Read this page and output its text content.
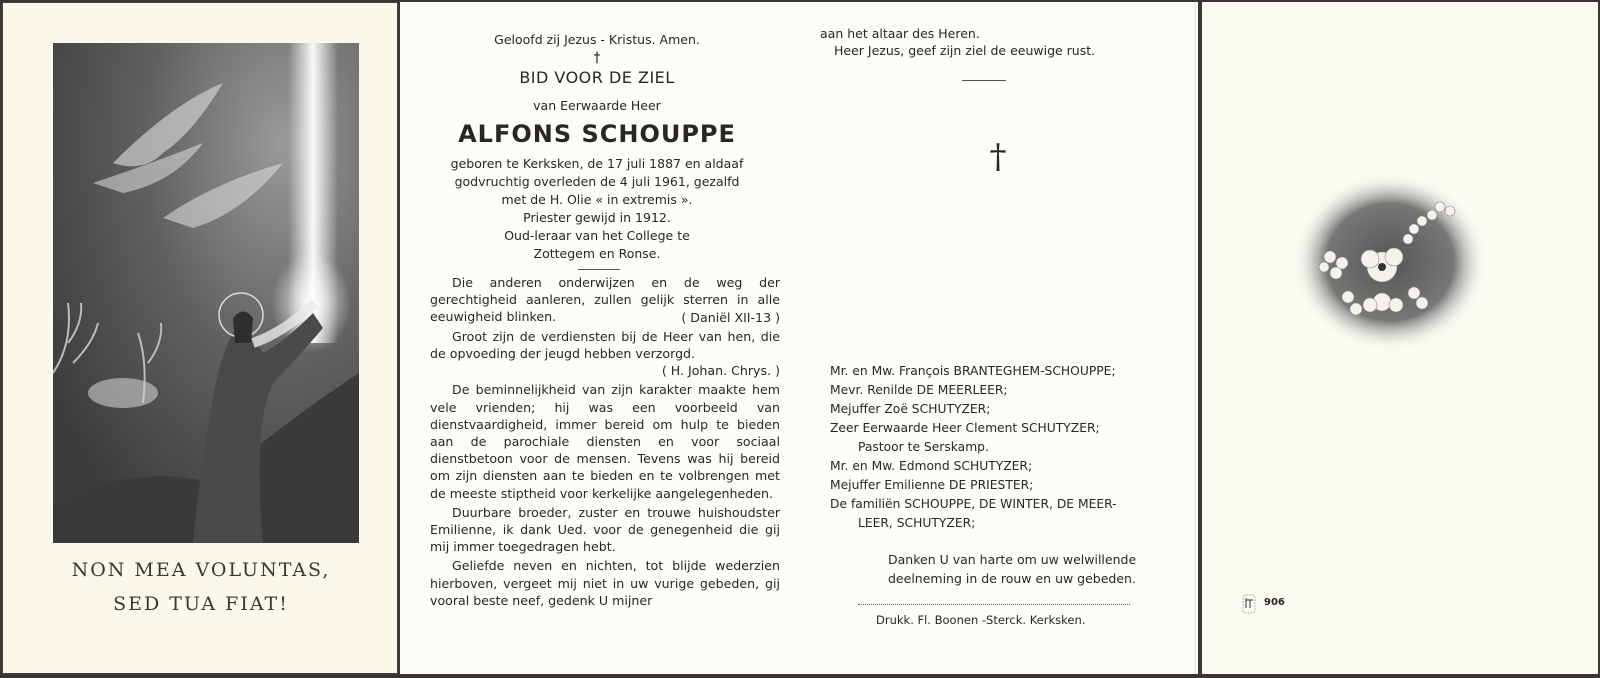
NON MEA VOLUNTAS,
SED TUA FIAT!
Geloofd zij Jezus - Kristus. Amen.
†
BID VOOR DE ZIEL
van Eerwaarde Heer
ALFONS SCHOUPPE
geboren te Kerksken, de 17 juli 1887 en aldaaf
godvruchtig overleden de 4 juli 1961, gezalfd
met de H. Olie « in extremis ».
Priester gewijd in 1912.
Oud-leraar van het College te
Zottegem en Ronse.

Die anderen onderwijzen en de weg der gerechtigheid aanleren, zullen gelijk sterren in alle eeuwigheid blinken.	( Daniël XII-13 )

Groot zijn de verdiensten bij de Heer van hen, die de opvoeding der jeugd hebben verzorgd.
( H. Johan. Chrys. )

De beminnelijkheid van zijn karakter maakte hem vele vrienden; hij was een voorbeeld van dienstvaardigheid, immer bereid om hulp te bieden aan de parochiale diensten en voor sociaal dienstbetoon voor de mensen. Tevens was hij bereid om zijn diensten aan te bieden en te volbrengen met de meeste stiptheid voor kerkelijke aangelegenheden.

Duurbare broeder, zuster en trouwe huishoudster Emilienne, ik dank Ued. voor de genegenheid die gij mij immer toegedragen hebt.

Geliefde neven en nichten, tot blijde wederzien hierboven, vergeet mij niet in uw vurige gebeden, gij vooral beste neef, gedenk U mijner

aan het altaar des Heren.
Heer Jezus, geef zijn ziel de eeuwige rust.
†
Mr. en Mw. François BRANTEGHEM-SCHOUPPE;
Mevr. Renilde DE MEERLEER;
Mejuffer Zoë SCHUTYZER;
Zeer Eerwaarde Heer Clement SCHUTYZER;
Pastoor te Serskamp.
Mr. en Mw. Edmond SCHUTYZER;
Mejuffer Emilienne DE PRIESTER;
De familiën SCHOUPPE, DE WINTER, DE MEER-
LEER, SCHUTYZER;
Danken U van harte om uw welwillende
deelneming in de rouw en uw gebeden.
Drukk. Fl. Boonen -Sterck. Kerksken.
906
